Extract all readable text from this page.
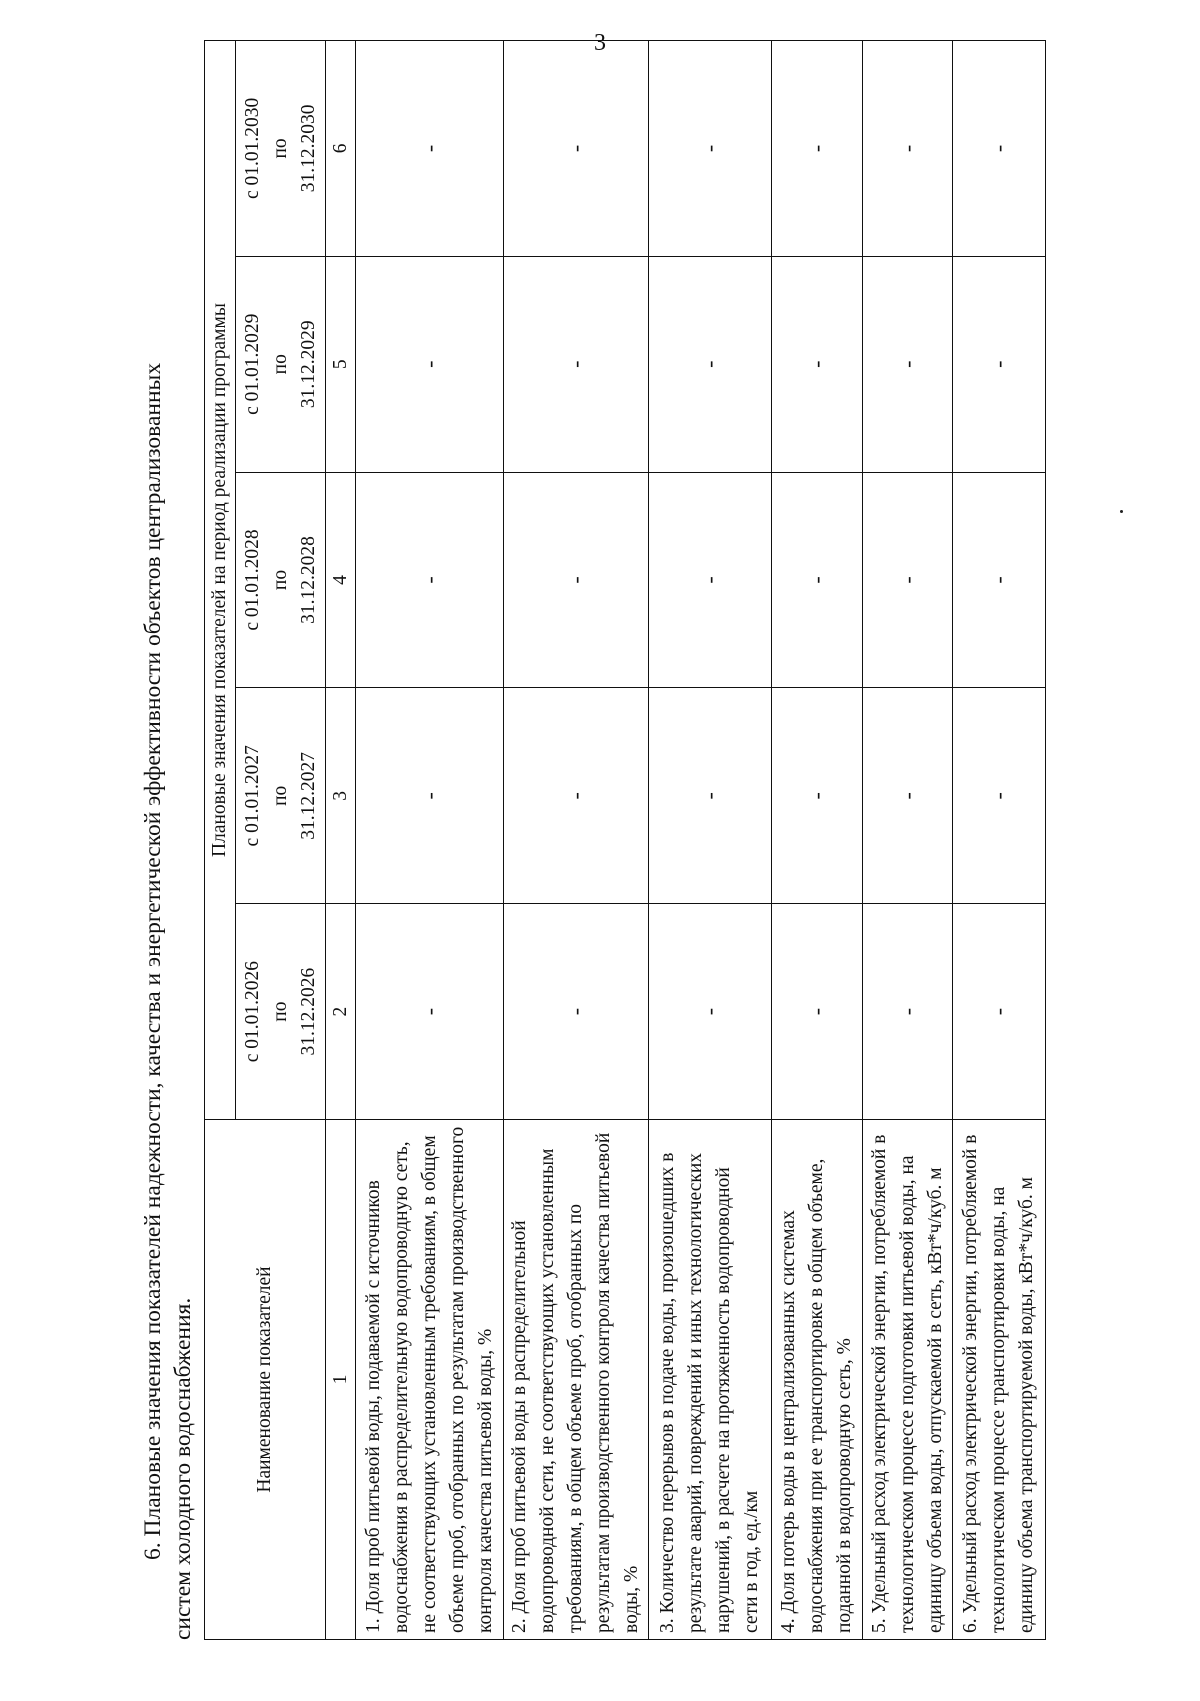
3
6. Плановые значения показателей надежности, качества и энергетической эффективности объектов централизованных систем холодного водоснабжения.	Наименование показателей	Плановые значения показателей на период реализации программы				
	с 01.01.2026 по 31.12.2026	с 01.01.2027 по 31.12.2027	с 01.01.2028 по 31.12.2028	с 01.01.2029 по 31.12.2029	с 01.01.2030 по 31.12.2030
1	2	3	4	5	6
1. Доля проб питьевой воды, подаваемой с источников водоснабжения в распределительную водопроводную сеть, не соответствующих установленным требованиям, в общем объеме проб, отобранных по результатам производственного контроля качества питьевой воды, %	-	-	-	-	-
2. Доля проб питьевой воды в распределительной водопроводной сети, не соответствующих установленным требованиям, в общем объеме проб, отобранных по результатам производственного контроля качества питьевой воды, %	-	-	-	-	-
3. Количество перерывов в подаче воды, произошедших в результате аварий, повреждений и иных технологических нарушений, в расчете на протяженность водопроводной сети в год, ед./км	-	-	-	-	-
4. Доля потерь воды в централизованных системах водоснабжения при ее транспортировке в общем объеме, поданной в водопроводную сеть, %	-	-	-	-	-
5. Удельный расход электрической энергии, потребляемой в технологическом процессе подготовки питьевой воды, на единицу объема воды, отпускаемой в сеть, кВт*ч/куб. м	-	-	-	-	-
6. Удельный расход электрической энергии, потребляемой в технологическом процессе транспортировки воды, на единицу объема транспортируемой воды, кВт*ч/куб. м	-	-	-	-	-
